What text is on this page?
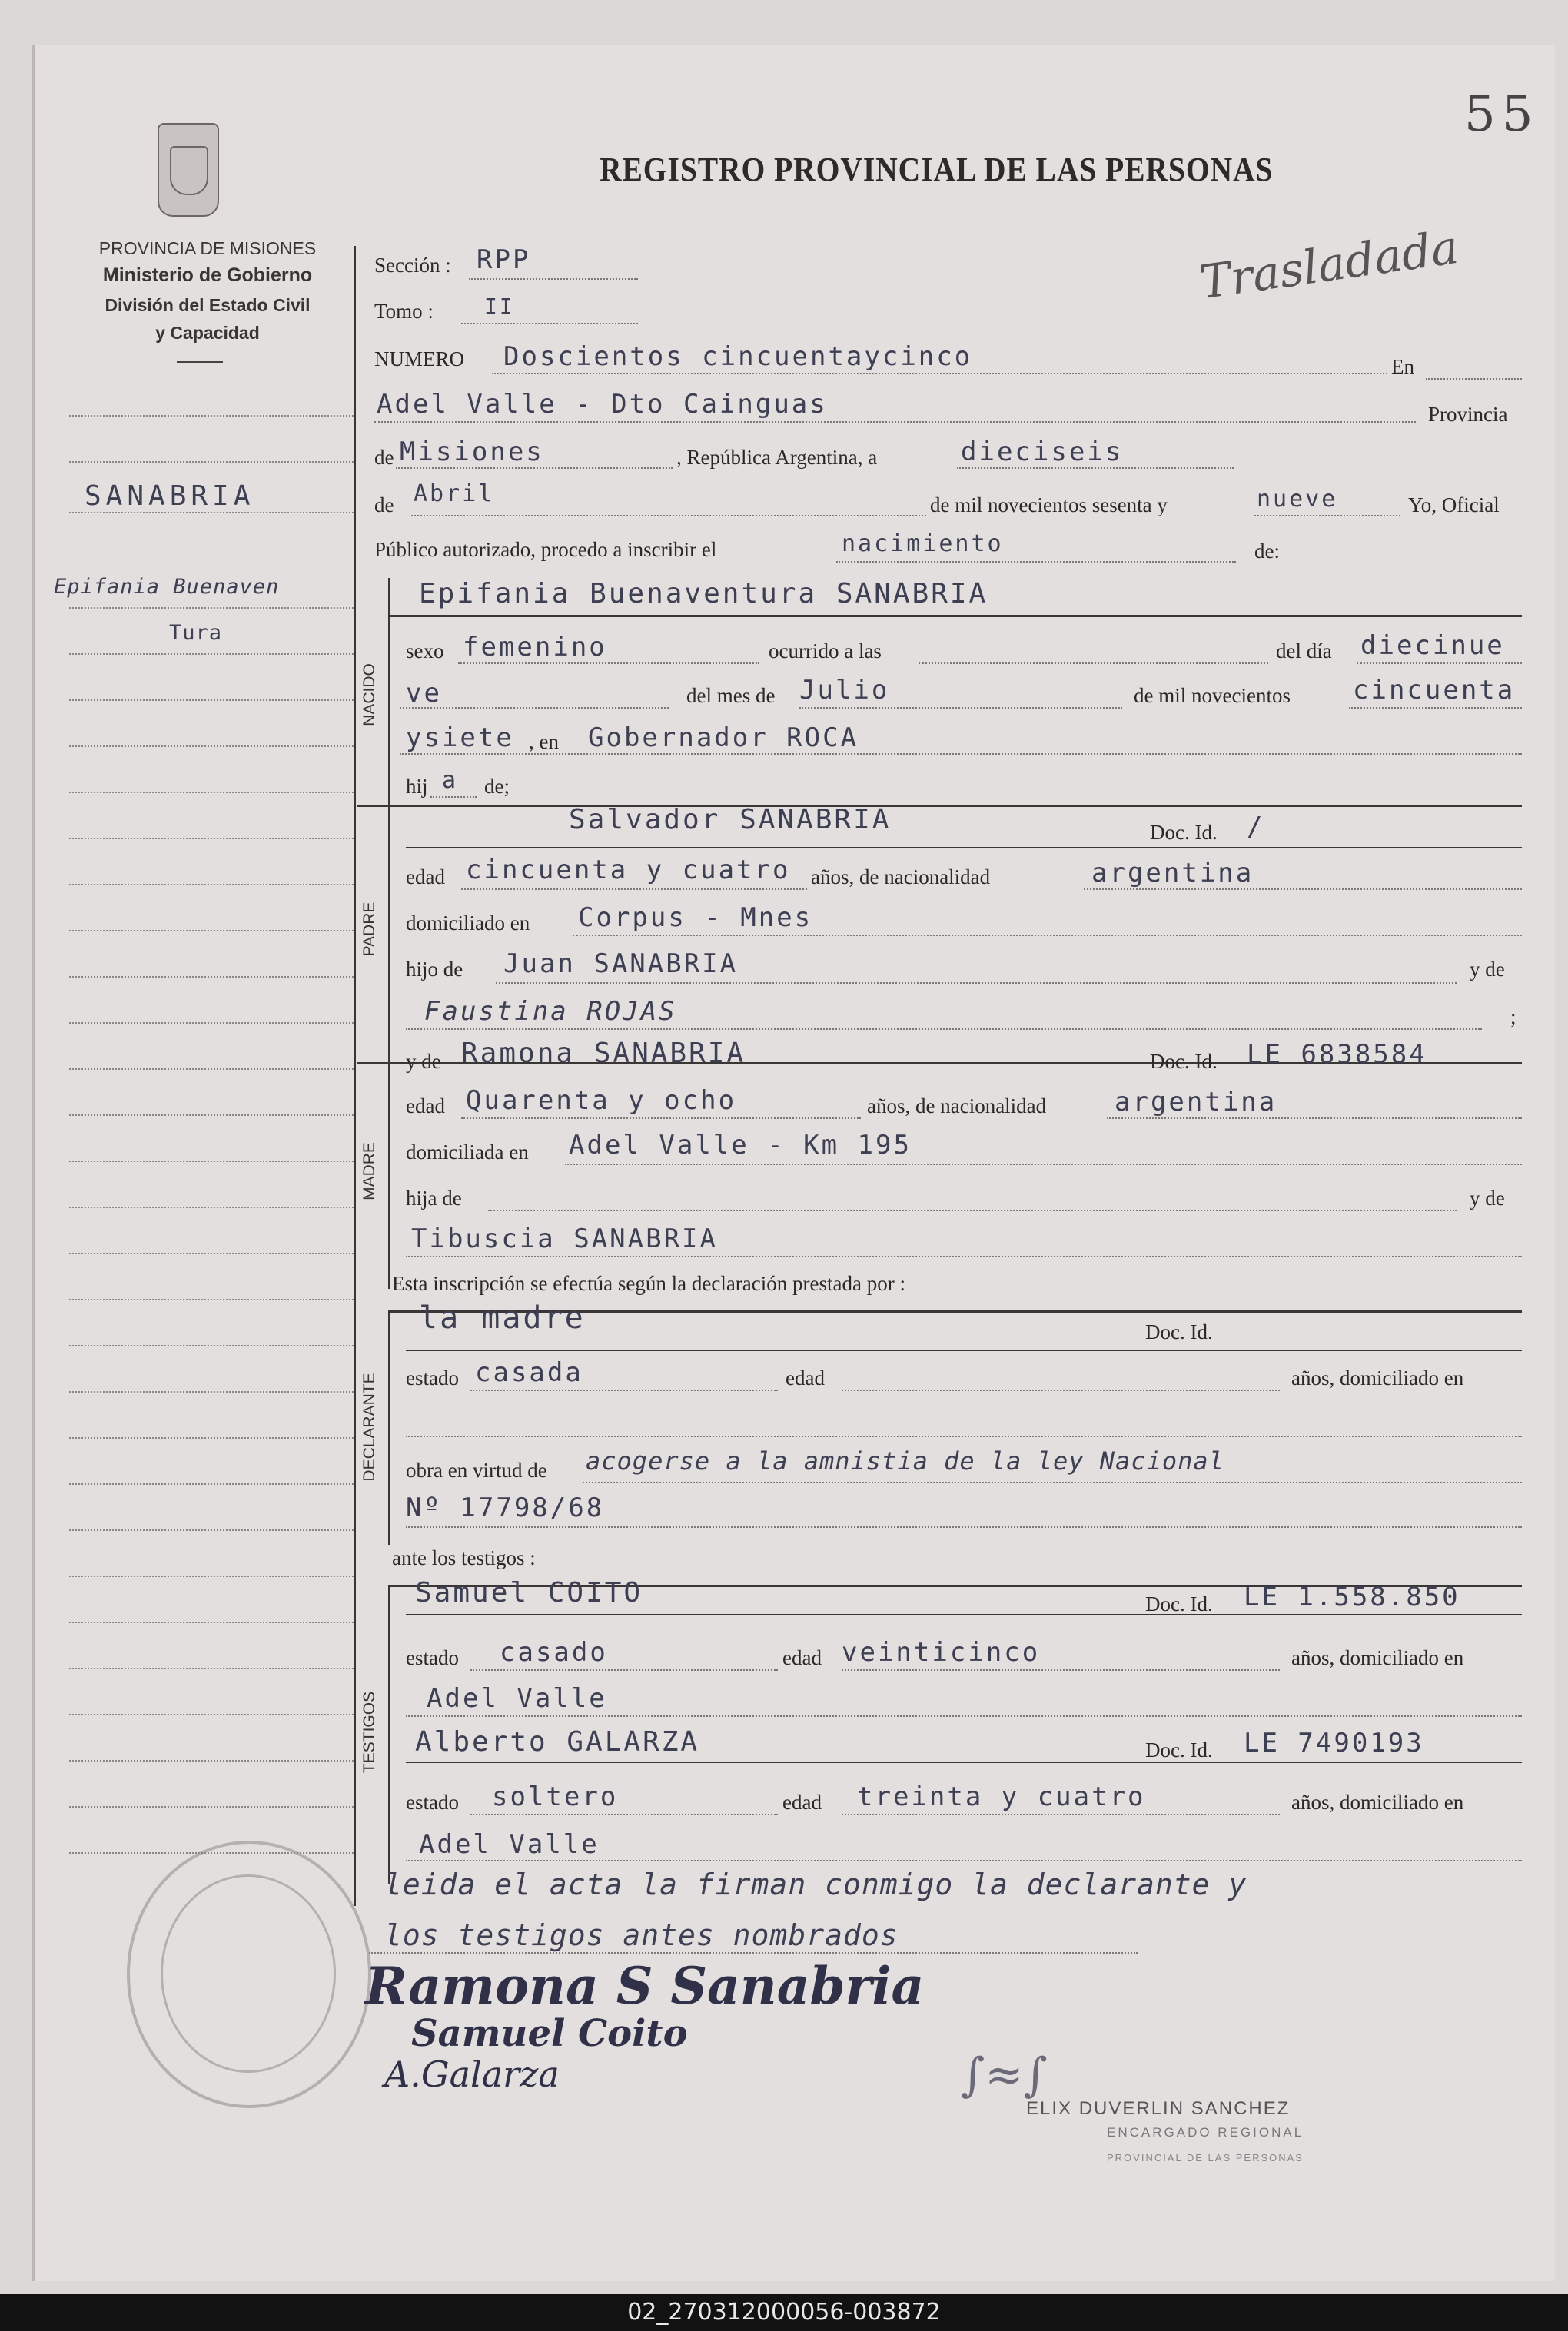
55
REGISTRO PROVINCIAL DE LAS PERSONAS
PROVINCIA DE MISIONES
Ministerio de Gobierno
División del Estado Civil
y Capacidad
Trasladada
SANABRIA
Epifania Buenaven
Tura
Sección : RPP
Tomo : II
NUMERO Doscientos cincuentaycinco	En
Adel Valle - Dto Cainguas	Provincia
de Misiones	, República Argentina, a	dieciseis
de Abril	de mil novecientos sesenta y	nueve	Yo, Oficial
Público autorizado, procedo a inscribir el	nacimiento	de:
NACIDO
Epifania Buenaventura SANABRIA
sexo femenino	ocurrido a las	del día diecinue
ve	del mes de Julio	de mil novecientos cincuenta
ysiete , en Gobernador ROCA
hij a de;
PADRE
Salvador SANABRIA	Doc. Id. /
edad cincuenta y cuatro años, de nacionalidad	argentina
domiciliado en Corpus - Mnes
hijo de Juan SANABRIA	y de
Faustina ROJAS	;
MADRE
y de Ramona SANABRIA	Doc. Id. LE 6838584
edad Quarenta y ocho	años, de nacionalidad	argentina
domiciliada en Adel Valle - Km 195
hija de	y de
Tibuscia SANABRIA
Esta inscripción se efectúa según la declaración prestada por :
DECLARANTE
la madre	Doc. Id.
estado casada	edad	años, domiciliado en
obra en virtud de acogerse a la amnistia de la ley Nacional
Nº 17798/68
ante los testigos :
TESTIGOS
Samuel COITO	Doc. Id. LE 1.558.850
estado casado	edad veinticinco	años, domiciliado en
Adel Valle
Alberto GALARZA	Doc. Id. LE 7490193
estado soltero	edad treinta y cuatro	años, domiciliado en
Adel Valle
leida el acta la firman conmigo la declarante y
los testigos antes nombrados
Ramona S Sanabria
Samuel Coito
A.Galarza	∫≈∫
ELIX DUVERLIN SANCHEZ
ENCARGADO REGIONAL
PROVINCIAL DE LAS PERSONAS
02_270312000056-003872
